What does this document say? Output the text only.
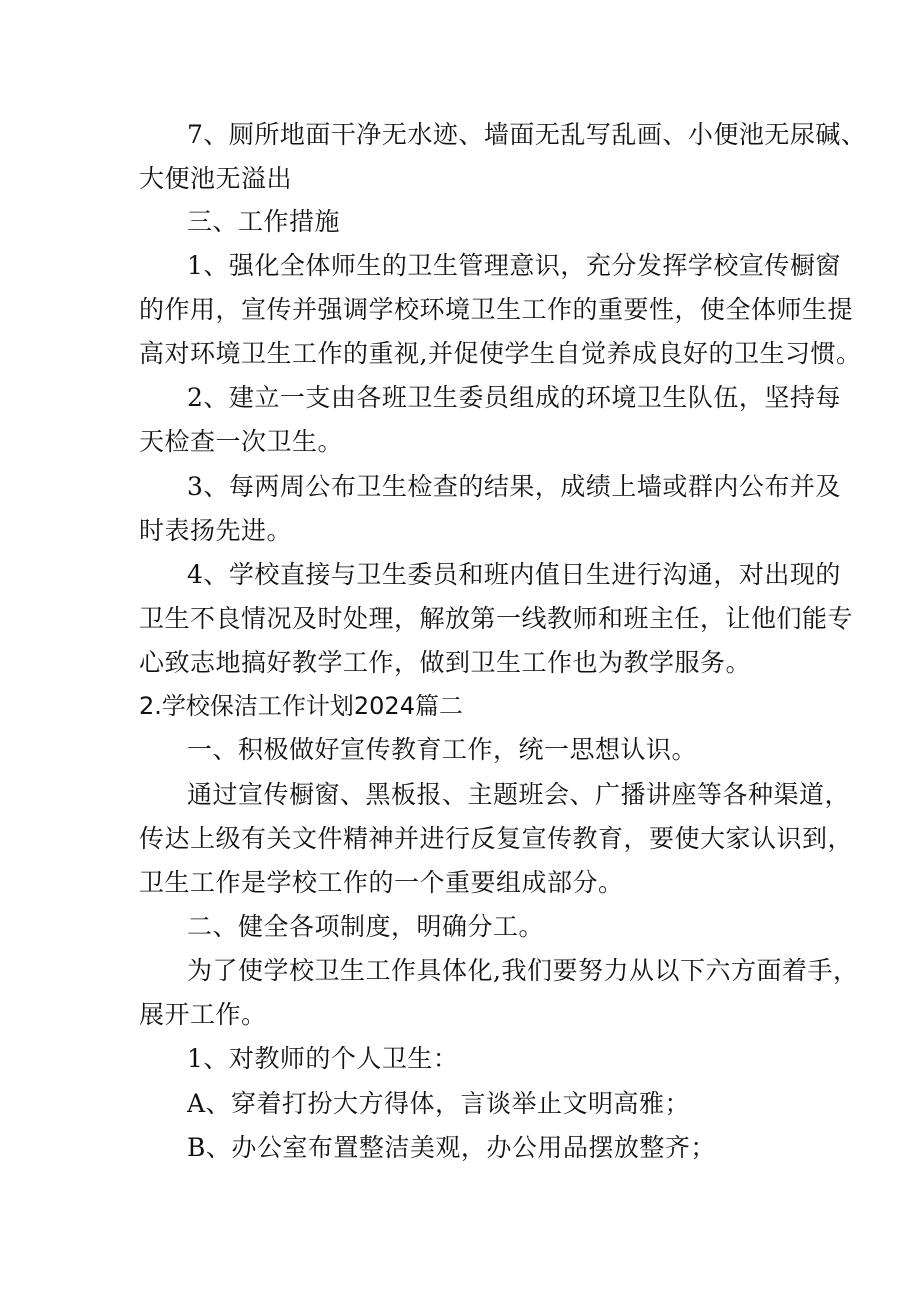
7、厕所地面干净无水迹、墙面无乱写乱画、小便池无尿碱、
大便池无溢出
三、工作措施
1、强化全体师生的卫生管理意识，充分发挥学校宣传橱窗
的作用，宣传并强调学校环境卫生工作的重要性，使全体师生提
高对环境卫生工作的重视,并促使学生自觉养成良好的卫生习惯。
2、建立一支由各班卫生委员组成的环境卫生队伍，坚持每
天检查一次卫生。
3、每两周公布卫生检查的结果，成绩上墙或群内公布并及
时表扬先进。
4、学校直接与卫生委员和班内值日生进行沟通，对出现的
卫生不良情况及时处理，解放第一线教师和班主任，让他们能专
心致志地搞好教学工作，做到卫生工作也为教学服务。
2.学校保洁工作计划2024篇二
一、积极做好宣传教育工作，统一思想认识。
通过宣传橱窗、黑板报、主题班会、广播讲座等各种渠道，
传达上级有关文件精神并进行反复宣传教育，要使大家认识到，
卫生工作是学校工作的一个重要组成部分。
二、健全各项制度，明确分工。
为了使学校卫生工作具体化,我们要努力从以下六方面着手，
展开工作。
1、对教师的个人卫生：
A、穿着打扮大方得体，言谈举止文明高雅；
B、办公室布置整洁美观，办公用品摆放整齐；
